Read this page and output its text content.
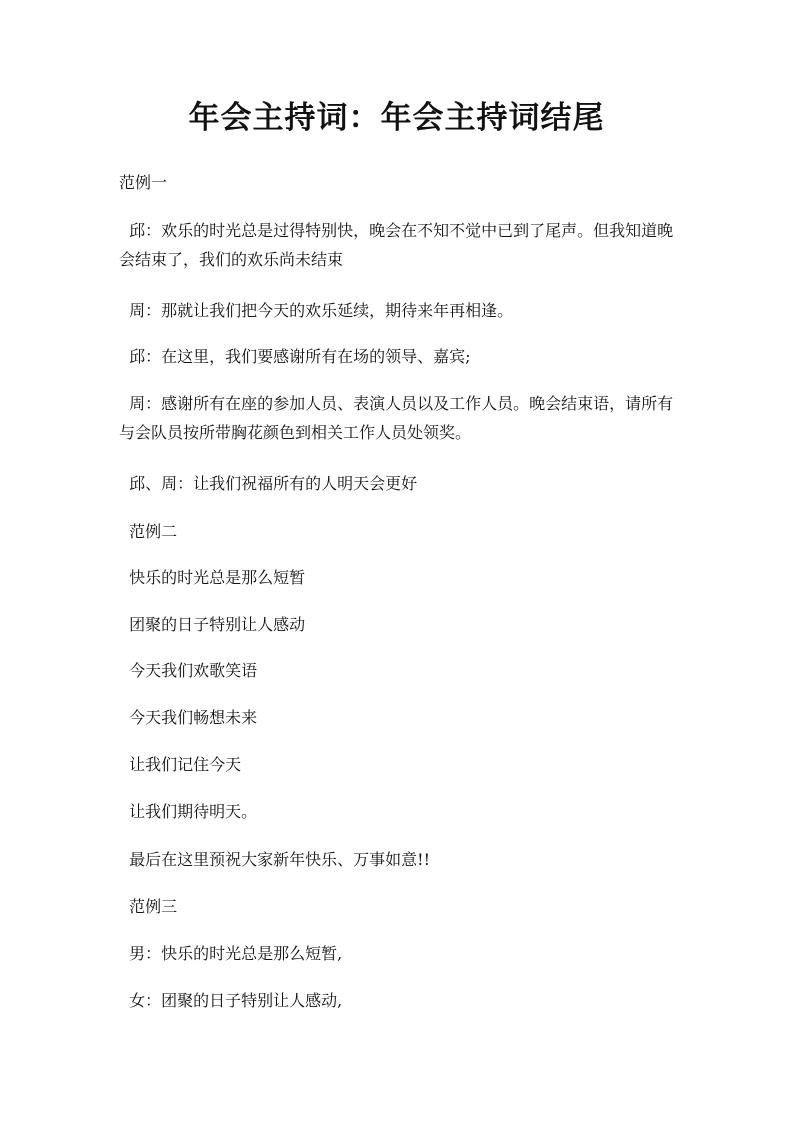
年会主持词：年会主持词结尾

范例一

邱：欢乐的时光总是过得特别快，晚会在不知不觉中已到了尾声。但我知道晚会结束了，我们的欢乐尚未结束

周：那就让我们把今天的欢乐延续，期待来年再相逢。

邱：在这里，我们要感谢所有在场的领导、嘉宾;

周：感谢所有在座的参加人员、表演人员以及工作人员。晚会结束语，请所有与会队员按所带胸花颜色到相关工作人员处领奖。

邱、周：让我们祝福所有的人明天会更好

范例二

快乐的时光总是那么短暂

团聚的日子特别让人感动

今天我们欢歌笑语

今天我们畅想未来

让我们记住今天

让我们期待明天。

最后在这里预祝大家新年快乐、万事如意!!

范例三

男：快乐的时光总是那么短暂,

女：团聚的日子特别让人感动,
